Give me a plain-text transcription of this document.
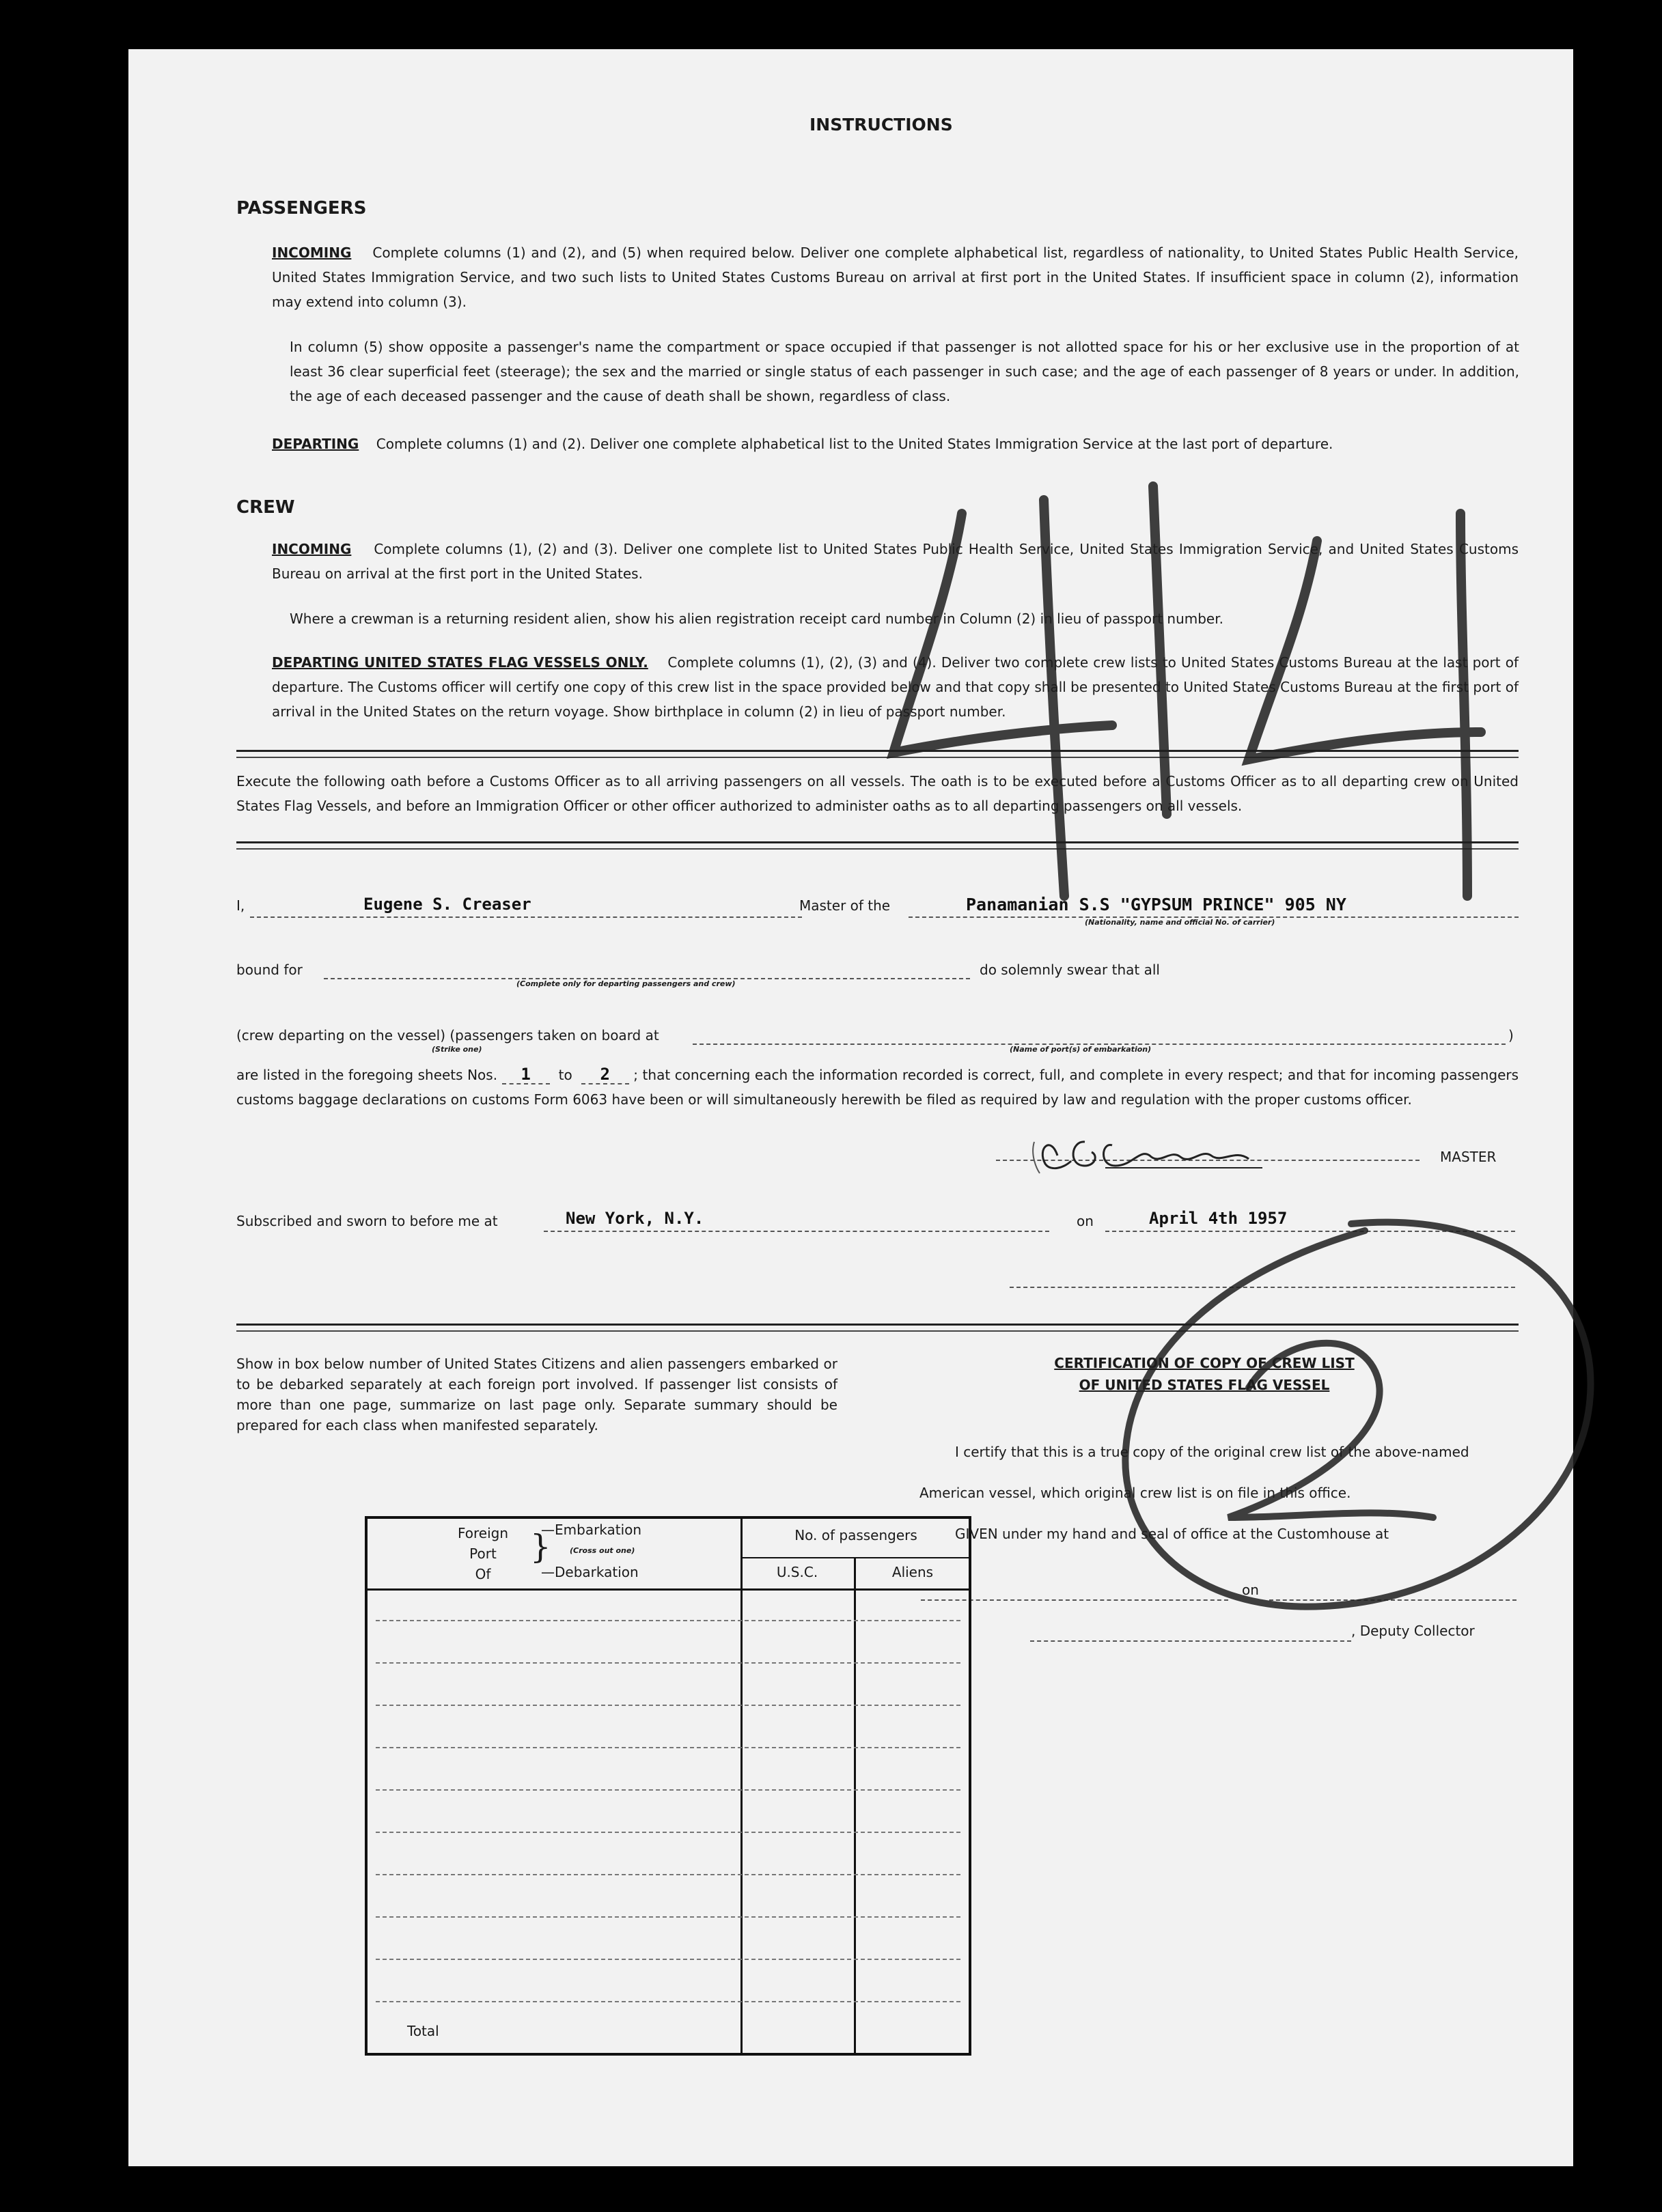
INSTRUCTIONS
PASSENGERS
INCOMING Complete columns (1) and (2), and (5) when required below. Deliver one complete alphabetical list, regardless of nationality, to United States Public Health Service, United States Immigration Service, and two such lists to United States Customs Bureau on arrival at first port in the United States. If insufficient space in column (2), information may extend into column (3).
In column (5) show opposite a passenger's name the compartment or space occupied if that passenger is not allotted space for his or her exclusive use in the proportion of at least 36 clear superficial feet (steerage); the sex and the married or single status of each passenger in such case; and the age of each passenger of 8 years or under. In addition, the age of each deceased passenger and the cause of death shall be shown, regardless of class.
DEPARTING Complete columns (1) and (2). Deliver one complete alphabetical list to the United States Immigration Service at the last port of departure.
CREW
INCOMING Complete columns (1), (2) and (3). Deliver one complete list to United States Public Health Service, United States Immigration Service, and United States Customs Bureau on arrival at the first port in the United States.
Where a crewman is a returning resident alien, show his alien registration receipt card number in Column (2) in lieu of passport number.
DEPARTING UNITED STATES FLAG VESSELS ONLY. Complete columns (1), (2), (3) and (4). Deliver two complete crew lists to United States Customs Bureau at the last port of departure. The Customs officer will certify one copy of this crew list in the space provided below and that copy shall be presented to United States Customs Bureau at the first port of arrival in the United States on the return voyage. Show birthplace in column (2) in lieu of passport number.
Execute the following oath before a Customs Officer as to all arriving passengers on all vessels. The oath is to be executed before a Customs Officer as to all departing crew on United States Flag Vessels, and before an Immigration Officer or other officer authorized to administer oaths as to all departing passengers on all vessels.
I,	Eugene S. Creaser	Master of the	Panamanian S.S "GYPSUM PRINCE" 905 NY
(Nationality, name and official No. of carrier)
bound for
(Complete only for departing passengers and crew)
do solemnly swear that all
(crew departing on the vessel) (passengers taken on board at
(Strike one)	(Name of port(s) of embarkation)
)
are listed in the foregoing sheets Nos. 1 to 2 ; that concerning each the information recorded is correct, full, and complete in every respect; and that for incoming passengers customs baggage declarations on customs Form 6063 have been or will simultaneously herewith be filed as required by law and regulation with the proper customs officer.
MASTER
Subscribed and sworn to before me at	New York, N.Y.	on	April 4th 1957
Show in box below number of United States Citizens and alien passengers embarked or to be debarked separately at each foreign port involved. If passenger list consists of more than one page, summarize on last page only. Separate summary should be prepared for each class when manifested separately.
CERTIFICATION OF COPY OF CREW LIST
OF UNITED STATES FLAG VESSEL
I certify that this is a true copy of the original crew list of the above-named
American vessel, which original crew list is on file in this office.
GIVEN under my hand and seal of office at the Customhouse at
on
, Deputy Collector
Foreign
Port
Of
}
—Embarkation
(Cross out one)
—Debarkation
No. of passengers
U.S.C.	Aliens
Total
414
2
